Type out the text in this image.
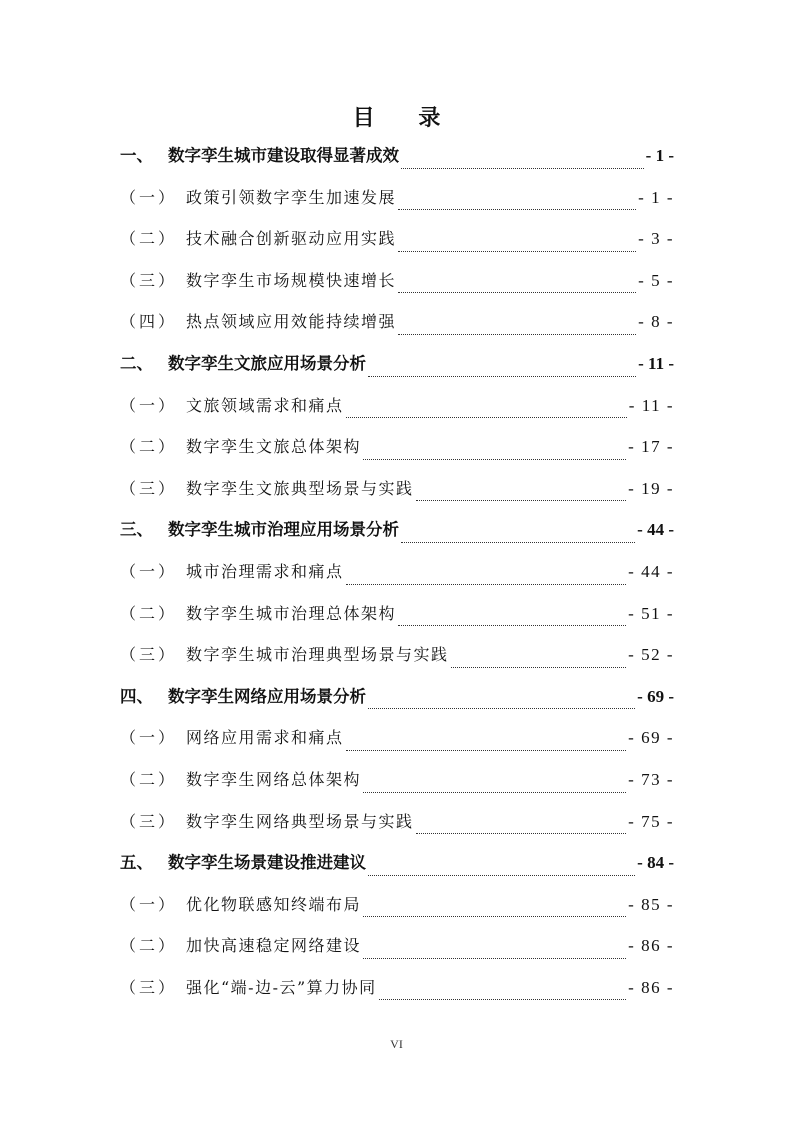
目 录
一、 数字孪生城市建设取得显著成效	- 1 -
（一） 政策引领数字孪生加速发展	- 1 -
（二） 技术融合创新驱动应用实践	- 3 -
（三） 数字孪生市场规模快速增长	- 5 -
（四） 热点领域应用效能持续增强	- 8 -
二、 数字孪生文旅应用场景分析	- 11 -
（一） 文旅领域需求和痛点	- 11 -
（二） 数字孪生文旅总体架构	- 17 -
（三） 数字孪生文旅典型场景与实践	- 19 -
三、 数字孪生城市治理应用场景分析	- 44 -
（一） 城市治理需求和痛点	- 44 -
（二） 数字孪生城市治理总体架构	- 51 -
（三） 数字孪生城市治理典型场景与实践	- 52 -
四、 数字孪生网络应用场景分析	- 69 -
（一） 网络应用需求和痛点	- 69 -
（二） 数字孪生网络总体架构	- 73 -
（三） 数字孪生网络典型场景与实践	- 75 -
五、 数字孪生场景建设推进建议	- 84 -
（一） 优化物联感知终端布局	- 85 -
（二） 加快高速稳定网络建设	- 86 -
（三） 强化“端-边-云”算力协同	- 86 -
VI
